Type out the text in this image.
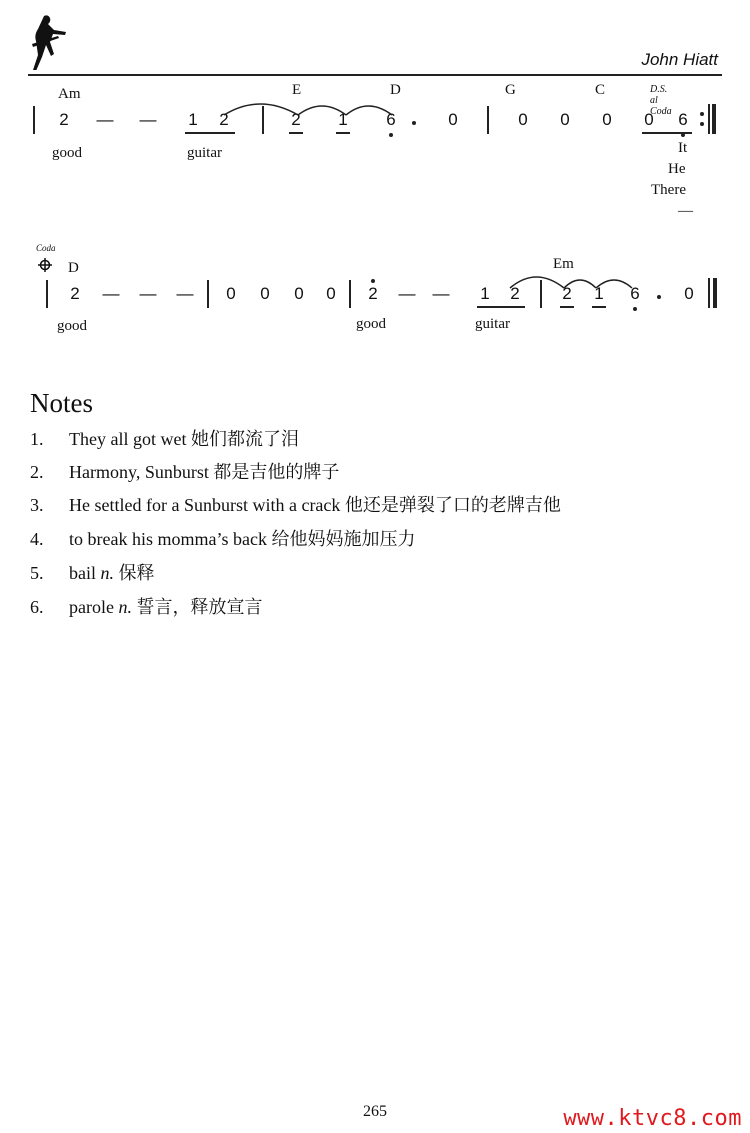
John Hiatt
Am	E	D	G	C	D.S. al Coda
2 — — 1 2	2 1 6	0	0 0 0 0 6
good	guitar	It
He
There
—
Coda
D	Em
2 — — — 0 0 0 0 2 — — 1 2	2 1 6	0
good	good	guitar
Notes
1. They all got wet 她们都流了泪
2. Harmony, Sunburst 都是吉他的牌子
3. He settled for a Sunburst with a crack 他还是弹裂了口的老牌吉他
4. to break his momma’s back 给他妈妈施加压力
5. bail n. 保释
6. parole n. 誓言，释放宣言
265	www.ktvc8.com
